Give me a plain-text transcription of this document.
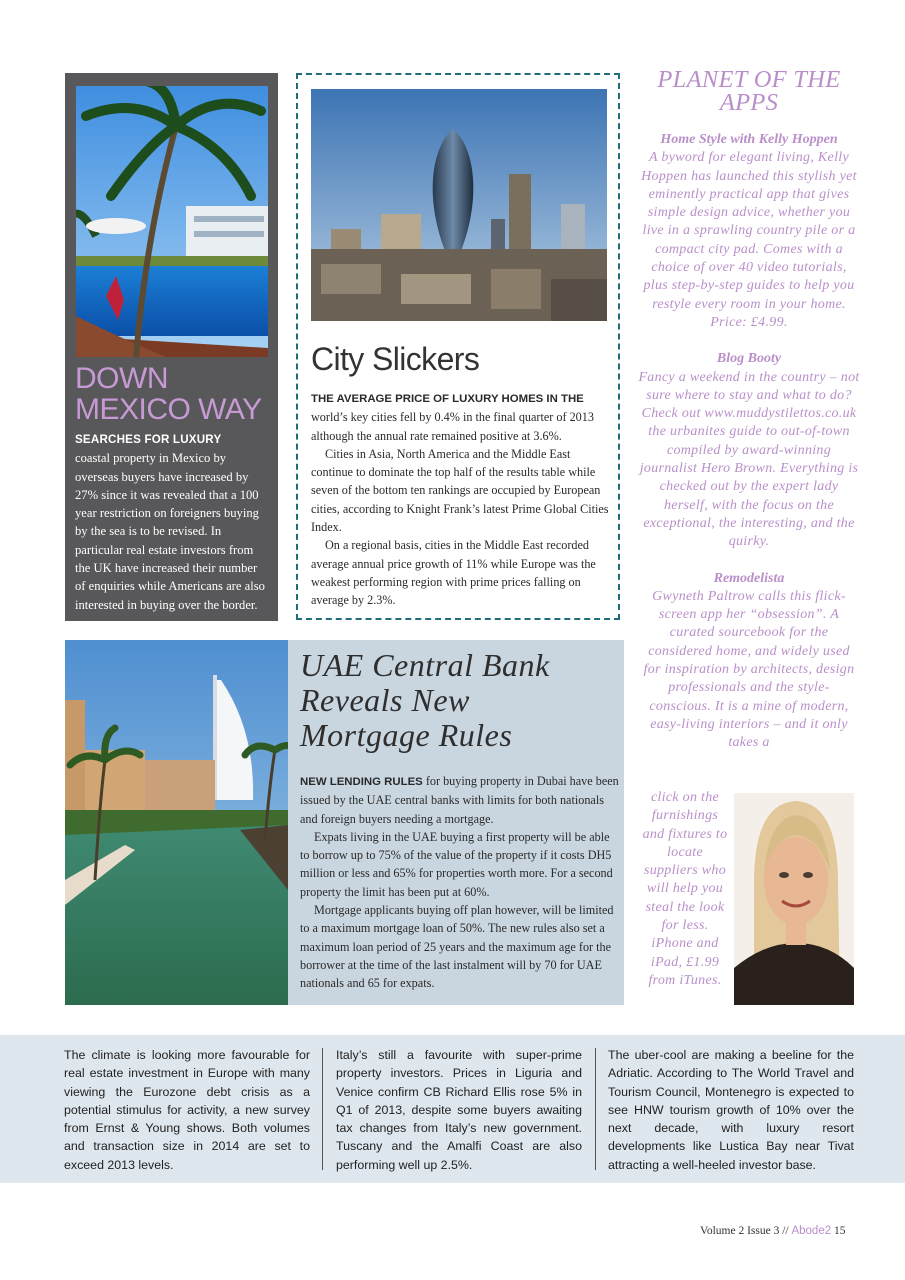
DOWN
MEXICO WAY

SEARCHES FOR LUXURY
coastal property in Mexico by overseas buyers have increased by 27% since it was revealed that a 100 year restriction on foreigners buying by the sea is to be revised. In particular real estate investors from the UK have increased their number of enquiries while Americans are also interested in buying over the border.

City Slickers

THE AVERAGE PRICE OF LUXURY HOMES IN THE
world’s key cities fell by 0.4% in the final quarter of 2013 although the annual rate remained positive at 3.6%.

Cities in Asia, North America and the Middle East continue to dominate the top half of the results table while seven of the bottom ten rankings are occupied by European cities, according to Knight Frank’s latest Prime Global Cities Index.

On a regional basis, cities in the Middle East recorded average annual price growth of 11% while Europe was the weakest performing region with prime prices falling on average by 2.3%.

PLANET OF THE
APPS
Home Style with Kelly Hoppen

A byword for elegant living, Kelly Hoppen has launched this stylish yet eminently practical app that gives simple design advice, whether you live in a sprawling country pile or a compact city pad. Comes with a choice of over 40 video tutorials, plus step-by-step guides to help you restyle every room in your home. Price: £4.99.

Blog Booty

Fancy a weekend in the country – not sure where to stay and what to do? Check out www.muddystilettos.co.uk the urbanites guide to out-of-town compiled by award-winning journalist Hero Brown. Everything is checked out by the expert lady herself, with the focus on the exceptional, the interesting, and the quirky.

Remodelista

Gwyneth Paltrow calls this flick-screen app her “obsession”. A curated sourcebook for the considered home, and widely used for inspiration by architects, design professionals and the style-conscious. It is a mine of modern, easy-living interiors – and it only takes a

click on the furnishings and fixtures to locate suppliers who will help you steal the look for less. iPhone and iPad, £1.99 from iTunes.
UAE Central Bank
Reveals New
Mortgage Rules

NEW LENDING RULES for buying property in Dubai have been issued by the UAE central banks with limits for both nationals and foreign buyers needing a mortgage.

Expats living in the UAE buying a first property will be able to borrow up to 75% of the value of the property if it costs DH5 million or less and 65% for properties worth more. For a second property the limit has been put at 60%.

Mortgage applicants buying off plan however, will be limited to a maximum mortgage loan of 50%. The new rules also set a maximum loan period of 25 years and the maximum age for the borrower at the time of the last instalment will by 70 for UAE nationals and 65 for expats.

The climate is looking more favourable for real estate investment in Europe with many viewing the Eurozone debt crisis as a potential stimulus for activity, a new survey from Ernst & Young shows. Both volumes and transaction size in 2014 are set to exceed 2013 levels.

Italy’s still a favourite with super-prime property investors. Prices in Liguria and Venice confirm CB Richard Ellis rose 5% in Q1 of 2013, despite some buyers awaiting tax changes from Italy’s new government. Tuscany and the Amalfi Coast are also performing well up 2.5%.

The uber-cool are making a beeline for the Adriatic. According to The World Travel and Tourism Council, Montenegro is expected to see HNW tourism growth of 10% over the next decade, with luxury resort developments like Lustica Bay near Tivat attracting a well-heeled investor base.

Volume 2 Issue 3 // Abode2 15
